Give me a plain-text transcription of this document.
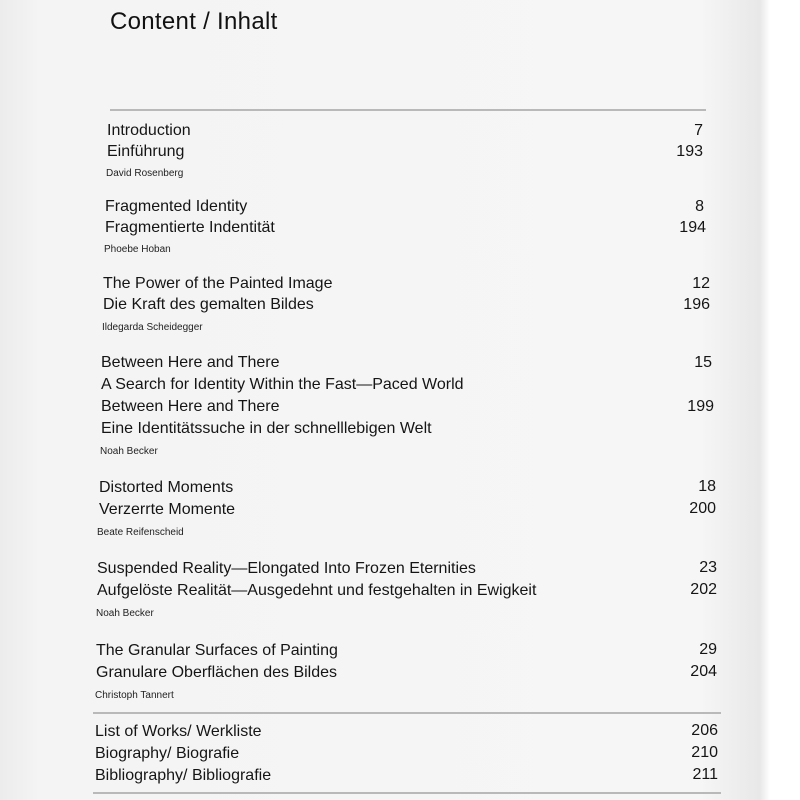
Content / Inhalt
Introduction	7
Einführung	193
David Rosenberg
Fragmented Identity	8
Fragmentierte Indentität	194
Phoebe Hoban
The Power of the Painted Image	12
Die Kraft des gemalten Bildes	196
Ildegarda Scheidegger
Between Here and There	15
A Search for Identity Within the Fast—Paced World
Between Here and There	199
Eine Identitätssuche in der schnelllebigen Welt
Noah Becker
Distorted Moments	18
Verzerrte Momente	200
Beate Reifenscheid
Suspended Reality—Elongated Into Frozen Eternities	23
Aufgelöste Realität—Ausgedehnt und festgehalten in Ewigkeit	202
Noah Becker
The Granular Surfaces of Painting	29
Granulare Oberflächen des Bildes	204
Christoph Tannert
List of Works/ Werkliste	206
Biography/ Biografie	210
Bibliography/ Bibliografie	211
